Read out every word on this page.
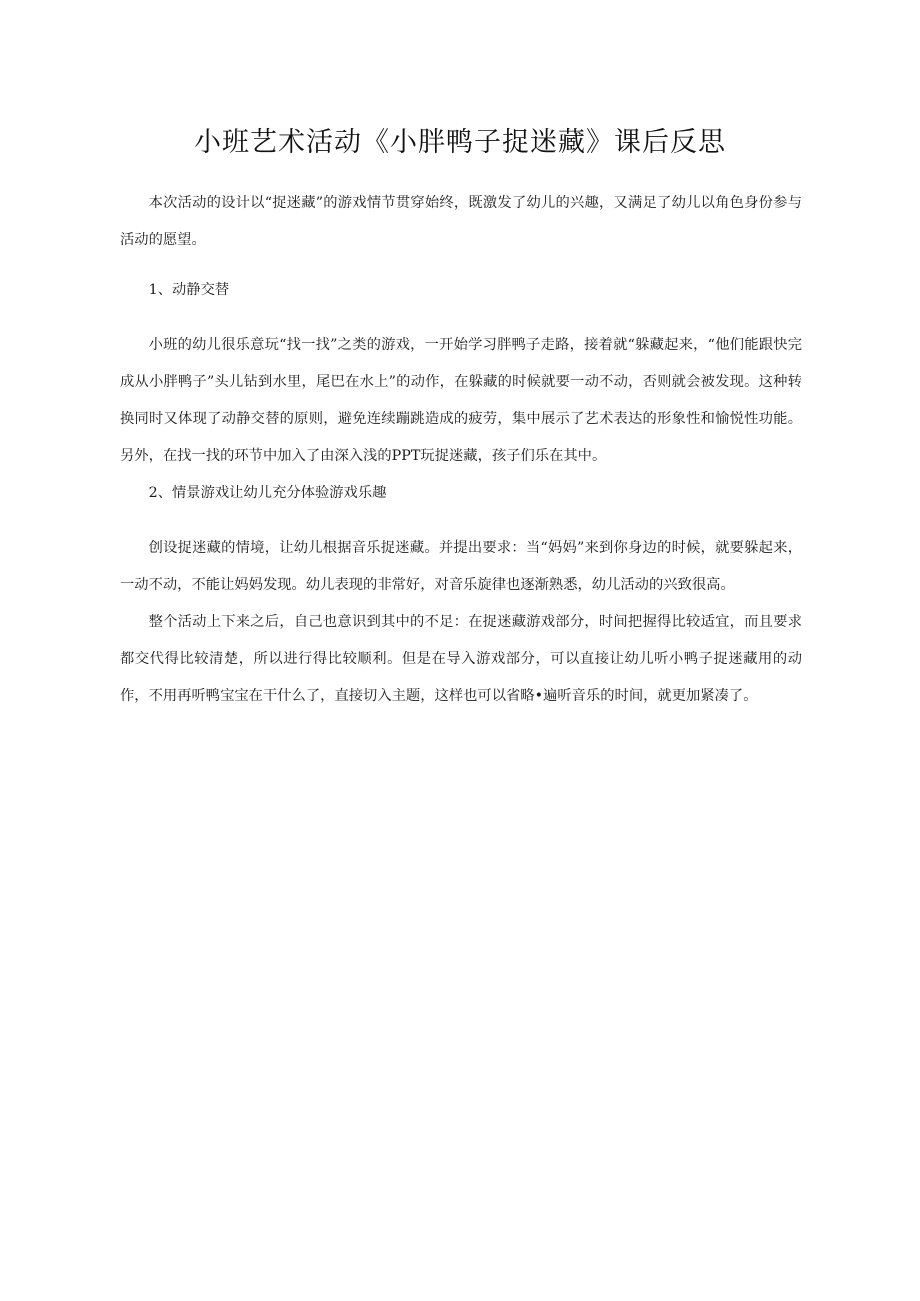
小班艺术活动《小胖鸭子捉迷藏》课后反思

本次活动的设计以“捉迷藏”的游戏情节贯穿始终，既激发了幼儿的兴趣，又满足了幼儿以角色身份参与活动的愿望。

1、动静交替

小班的幼儿很乐意玩“找一找”之类的游戏，一开始学习胖鸭子走路，接着就“躲藏起来，“他们能跟快完成从小胖鸭子”头儿钻到水里，尾巴在水上”的动作，在躲藏的时候就要一动不动，否则就会被发现。这种转换同时又体现了动静交替的原则，避免连续蹦跳造成的疲劳，集中展示了艺术表达的形象性和愉悦性功能。另外，在找一找的环节中加入了由深入浅的PPT玩捉迷藏，孩子们乐在其中。

2、情景游戏让幼儿充分体验游戏乐趣

创设捉迷藏的情境，让幼儿根据音乐捉迷藏。并提出要求：当“妈妈”来到你身边的时候，就要躲起来，一动不动，不能让妈妈发现。幼儿表现的非常好，对音乐旋律也逐渐熟悉，幼儿活动的兴致很高。

整个活动上下来之后，自己也意识到其中的不足：在捉迷藏游戏部分，时间把握得比较适宜，而且要求都交代得比较清楚，所以进行得比较顺利。但是在导入游戏部分，可以直接让幼儿听小鸭子捉迷藏用的动作，不用再听鸭宝宝在干什么了，直接切入主题，这样也可以省略•遍听音乐的时间，就更加紧凑了。
